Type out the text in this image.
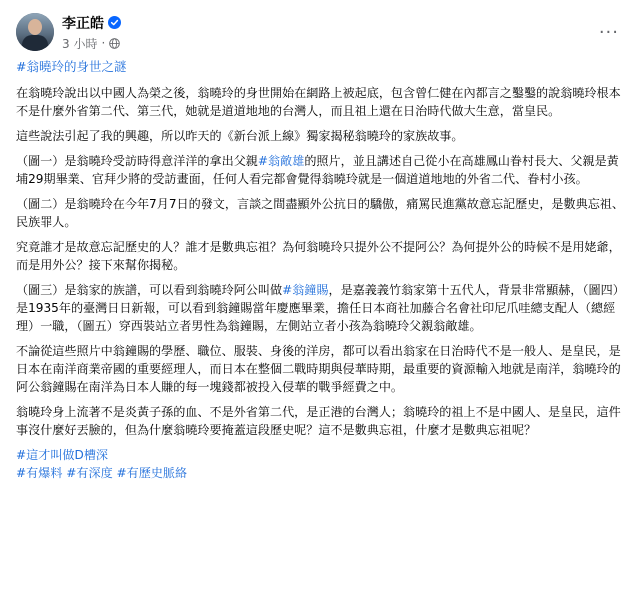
李正皓
3 小時 ·	···

#翁曉玲的身世之謎

在翁曉玲說出以中國人為榮之後，翁曉玲的身世開始在網路上被起底，包含曾仁健在內都言之鑿鑿的說翁曉玲根本不是什麼外省第二代、第三代，她就是道道地地的台灣人，而且祖上還在日治時代做大生意，當皇民。

這些說法引起了我的興趣，所以昨天的《新台派上線》獨家揭秘翁曉玲的家族故事。

（圖一）是翁曉玲受訪時得意洋洋的拿出父親#翁敵雄的照片，並且講述自己從小在高雄鳳山眷村長大、父親是黃埔29期畢業、官拜少將的受訪畫面，任何人看完都會覺得翁曉玲就是一個道道地地的外省二代、眷村小孩。

（圖二）是翁曉玲在今年7月7日的發文，言談之間盡顯外公抗日的驕傲，痛罵民進黨故意忘記歷史，是數典忘祖、民族罪人。

究竟誰才是故意忘記歷史的人？誰才是數典忘祖？為何翁曉玲只提外公不提阿公？為何提外公的時候不是用姥爺，而是用外公？接下來幫你揭秘。

（圖三）是翁家的族譜，可以看到翁曉玲阿公叫做#翁鐘賜，是嘉義義竹翁家第十五代人，背景非常顯赫，（圖四）是1935年的臺灣日日新報，可以看到翁鐘賜當年慶應畢業，擔任日本商社加藤合名會社印尼爪哇總支配人（總經理）一職，（圖五）穿西裝站立者男性為翁鐘賜，左側站立者小孩為翁曉玲父親翁敵雄。

不論從這些照片中翁鐘賜的學歷、職位、服裝、身後的洋房，都可以看出翁家在日治時代不是一般人、是皇民，是日本在南洋商業帝國的重要經理人，而日本在整個二戰時期與侵華時期，最重要的資源輸入地就是南洋，翁曉玲的阿公翁鐘賜在南洋為日本人賺的每一塊錢都被投入侵華的戰爭經費之中。

翁曉玲身上流著不是炎黃子孫的血、不是外省第二代，是正港的台灣人；翁曉玲的祖上不是中國人、是皇民，這件事沒什麼好丟臉的，但為什麼翁曉玲要掩蓋這段歷史呢？這不是數典忘祖，什麼才是數典忘祖呢？

#這才叫做D槽深

#有爆料 #有深度 #有歷史脈絡
